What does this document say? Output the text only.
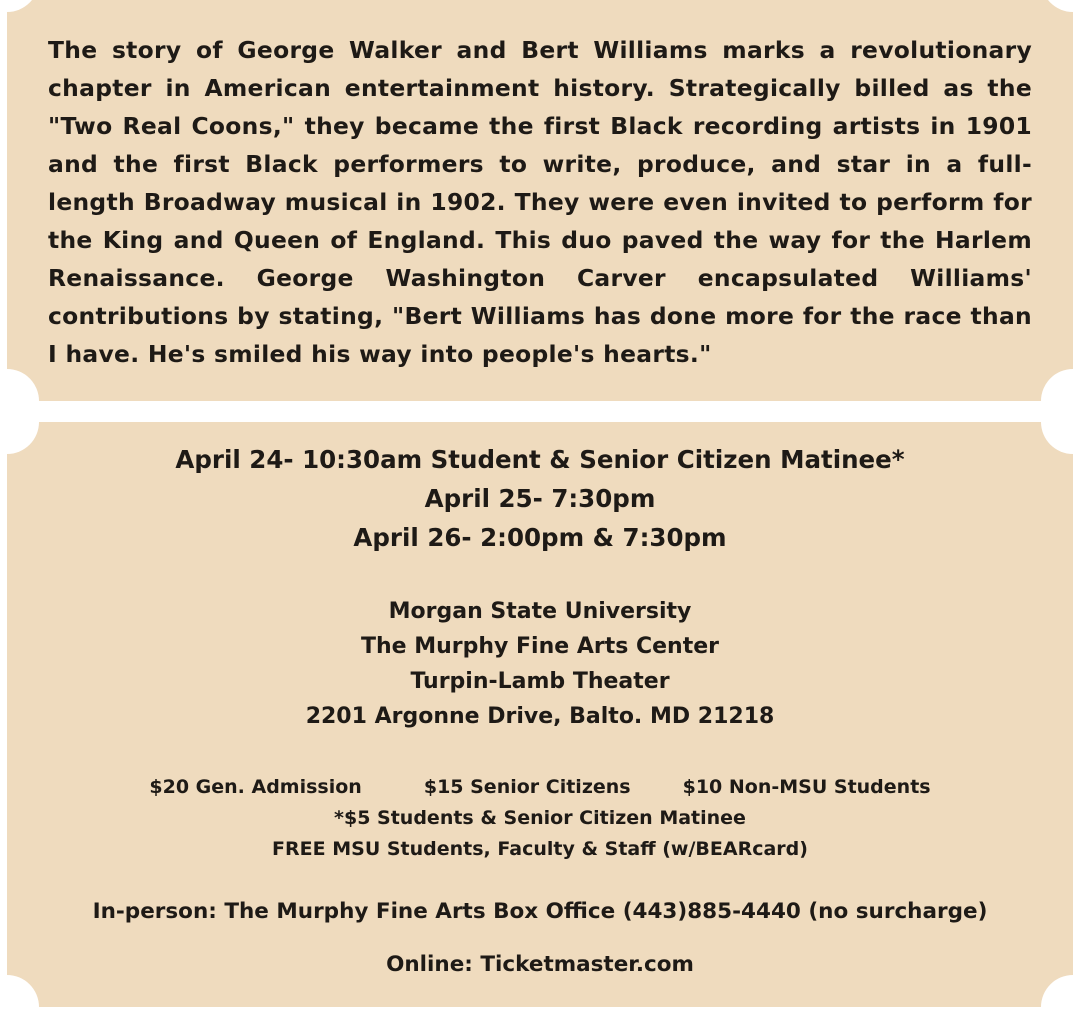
The story of George Walker and Bert Williams marks a revolutionary chapter in American entertainment history. Strategically billed as the "Two Real Coons," they became the first Black recording artists in 1901 and the first Black performers to write, produce, and star in a full-length Broadway musical in 1902. They were even invited to perform for the King and Queen of England. This duo paved the way for the Harlem Renaissance. George Washington Carver encapsulated Williams' contributions by stating, "Bert Williams has done more for the race than I have. He's smiled his way into people's hearts."

April 24- 10:30am Student & Senior Citizen Matinee*
April 25- 7:30pm
April 26- 2:00pm & 7:30pm
Morgan State University
The Murphy Fine Arts Center
Turpin-Lamb Theater
2201 Argonne Drive, Balto. MD 21218
$20 Gen. Admission	$15 Senior Citizens	$10 Non-MSU Students
*$5 Students & Senior Citizen Matinee
FREE MSU Students, Faculty & Staff (w/BEARcard)
In-person: The Murphy Fine Arts Box Office (443)885-4440 (no surcharge)
Online: Ticketmaster.com
